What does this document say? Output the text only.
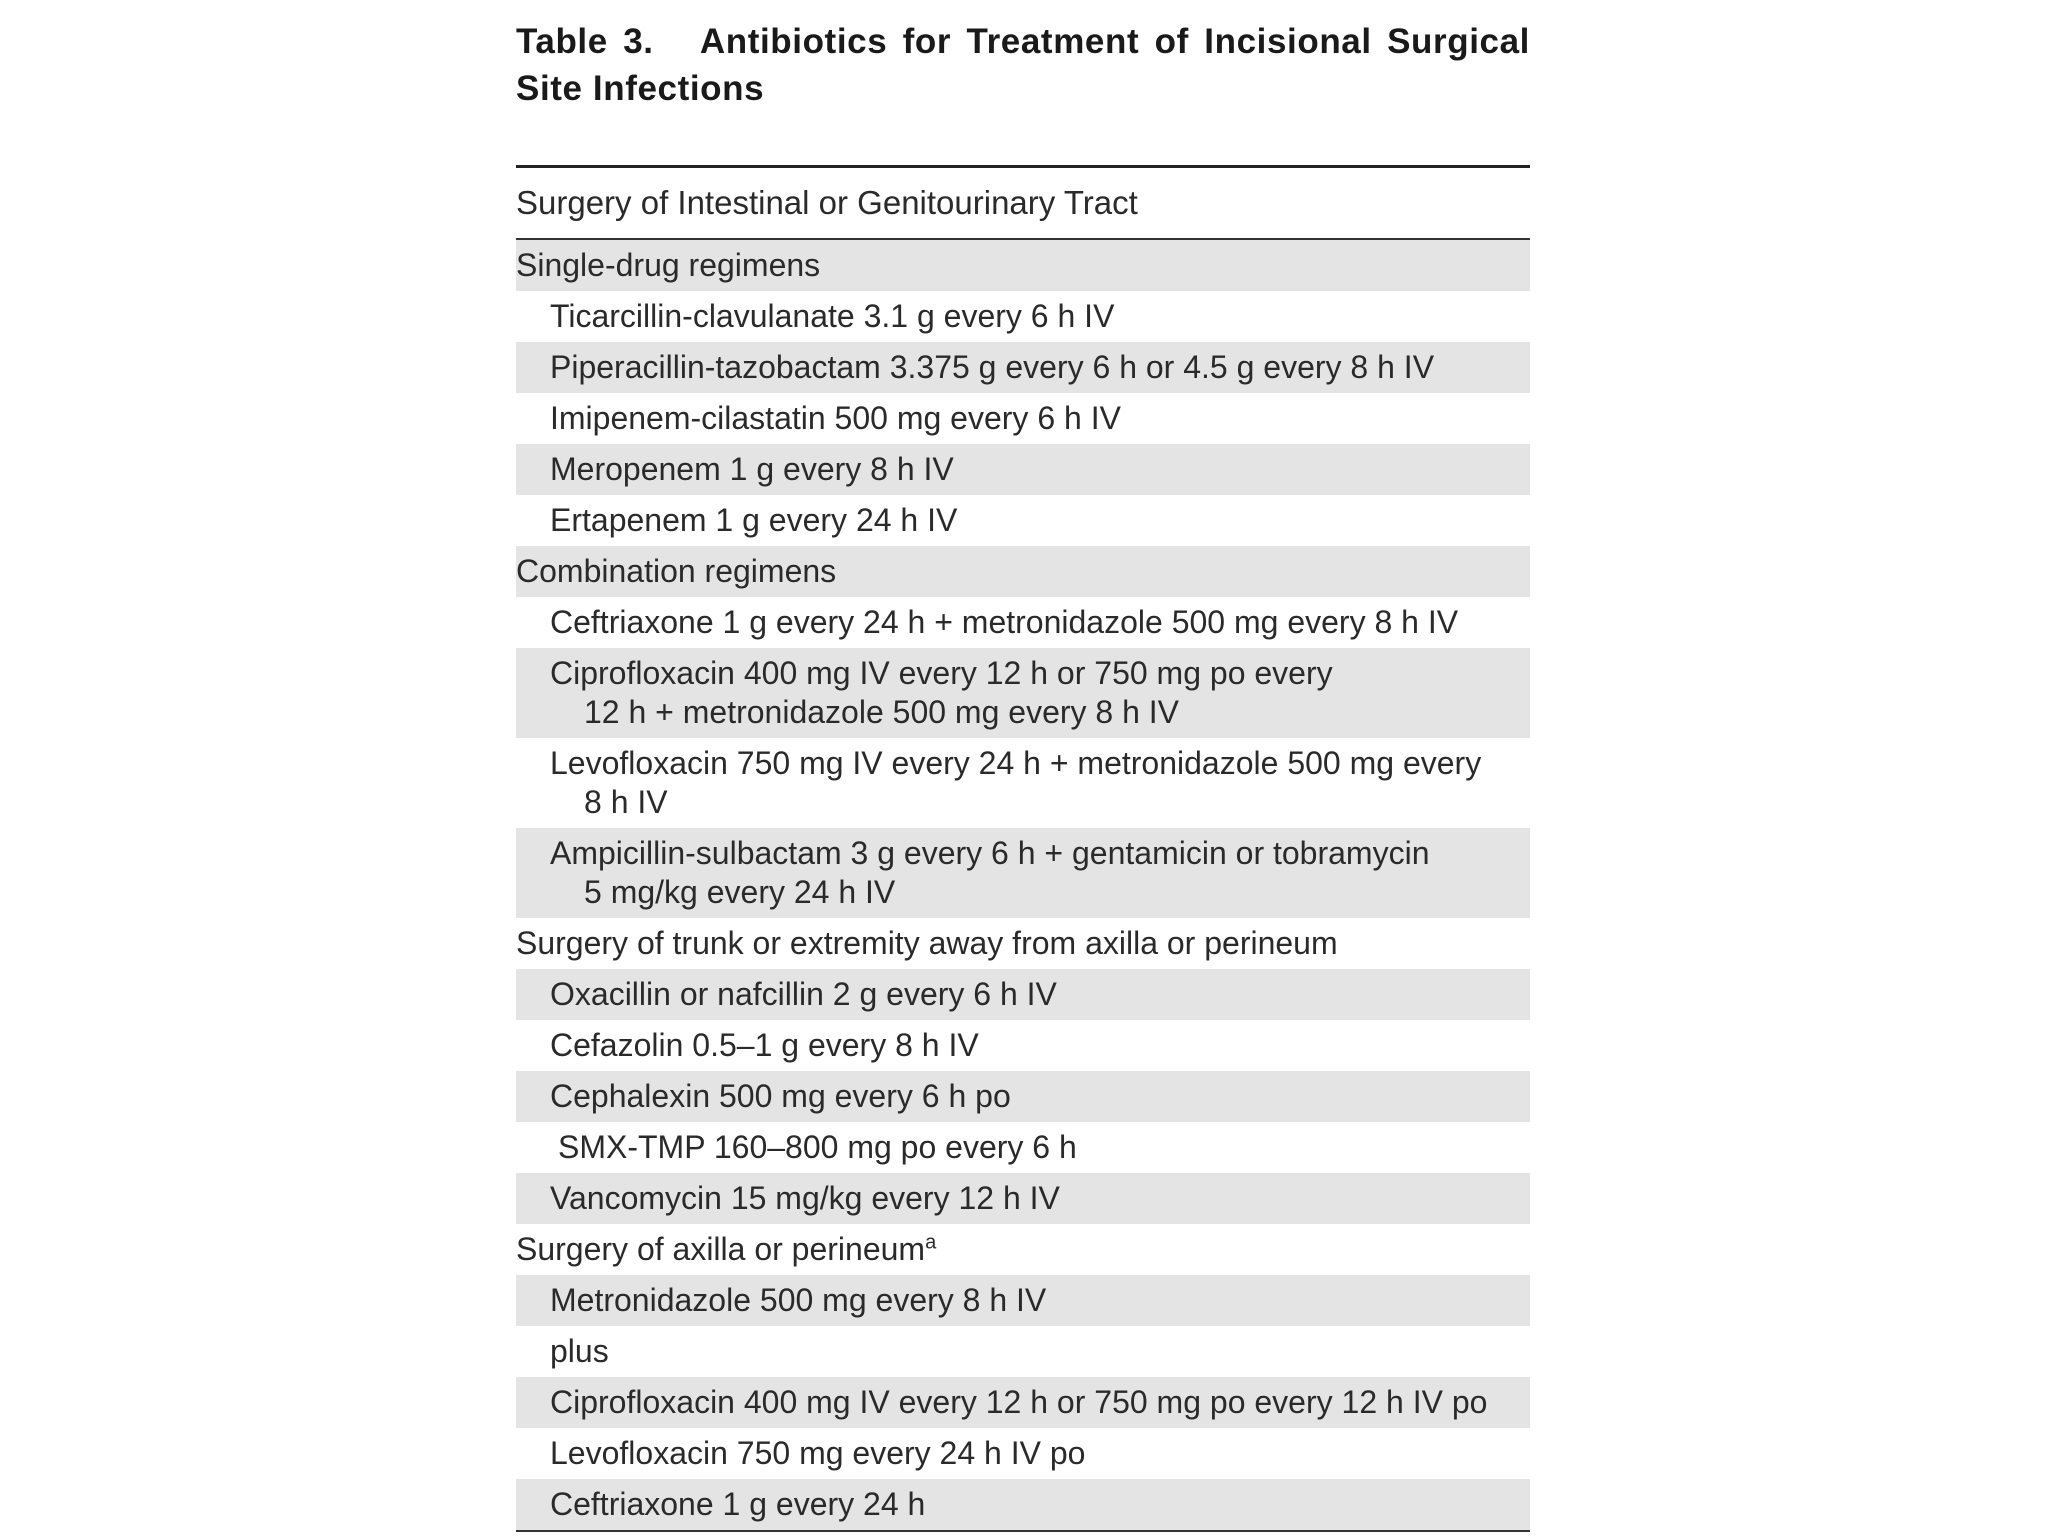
Table 3. Antibiotics for Treatment of Incisional Surgical Site Infections

Surgery of Intestinal or Genitourinary Tract
Single-drug regimens
Ticarcillin-clavulanate 3.1 g every 6 h IV
Piperacillin-tazobactam 3.375 g every 6 h or 4.5 g every 8 h IV
Imipenem-cilastatin 500 mg every 6 h IV
Meropenem 1 g every 8 h IV
Ertapenem 1 g every 24 h IV
Combination regimens
Ceftriaxone 1 g every 24 h + metronidazole 500 mg every 8 h IV
Ciprofloxacin 400 mg IV every 12 h or 750 mg po every
12 h + metronidazole 500 mg every 8 h IV
Levofloxacin 750 mg IV every 24 h + metronidazole 500 mg every
8 h IV
Ampicillin-sulbactam 3 g every 6 h + gentamicin or tobramycin
5 mg/kg every 24 h IV
Surgery of trunk or extremity away from axilla or perineum
Oxacillin or nafcillin 2 g every 6 h IV
Cefazolin 0.5–1 g every 8 h IV
Cephalexin 500 mg every 6 h po
SMX-TMP 160–800 mg po every 6 h
Vancomycin 15 mg/kg every 12 h IV
Surgery of axilla or perineum$^a$
Metronidazole 500 mg every 8 h IV
plus
Ciprofloxacin 400 mg IV every 12 h or 750 mg po every 12 h IV po
Levofloxacin 750 mg every 24 h IV po
Ceftriaxone 1 g every 24 h
